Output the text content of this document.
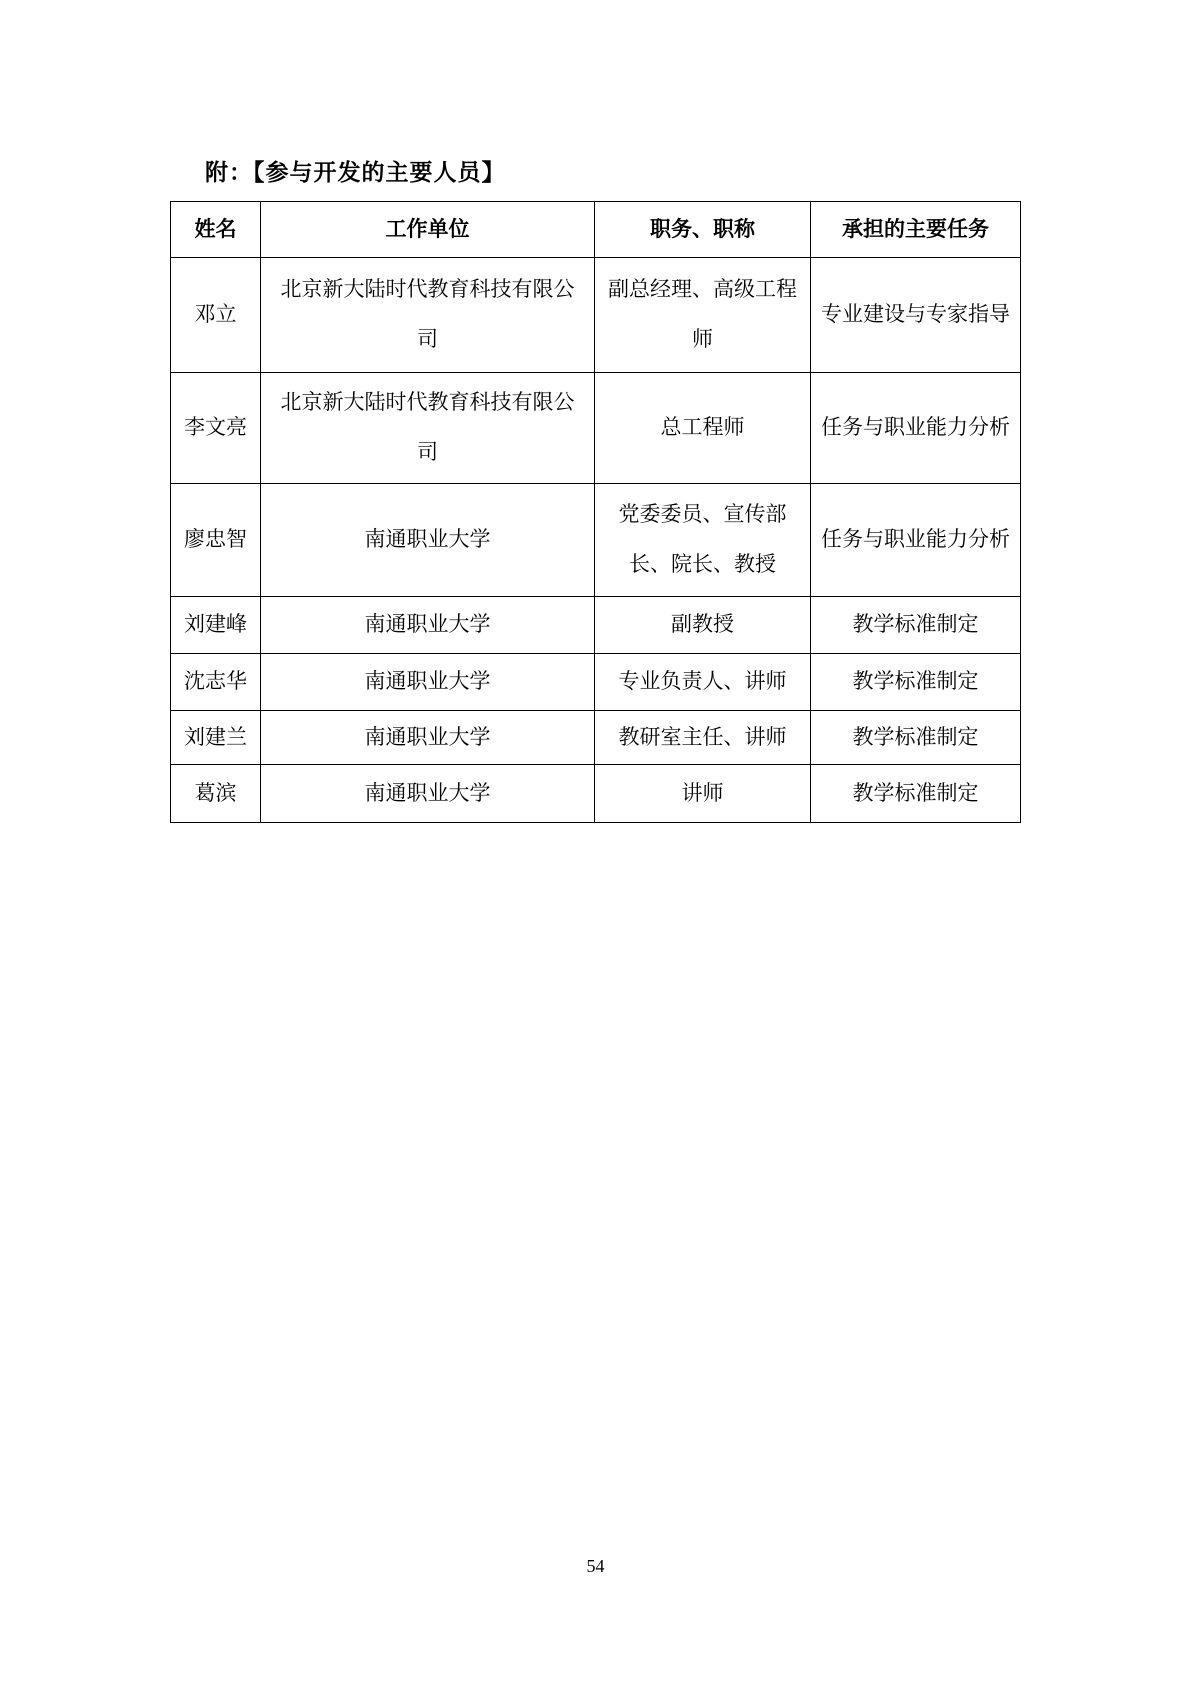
附：【参与开发的主要人员】
姓名	工作单位	职务、职称	承担的主要任务
邓立	北京新大陆时代教育科技有限公司	副总经理、高级工程师	专业建设与专家指导
李文亮	北京新大陆时代教育科技有限公司	总工程师	任务与职业能力分析
廖忠智	南通职业大学	党委委员、宣传部长、院长、教授	任务与职业能力分析
刘建峰	南通职业大学	副教授	教学标准制定
沈志华	南通职业大学	专业负责人、讲师	教学标准制定
刘建兰	南通职业大学	教研室主任、讲师	教学标准制定
葛滨	南通职业大学	讲师	教学标准制定
54
